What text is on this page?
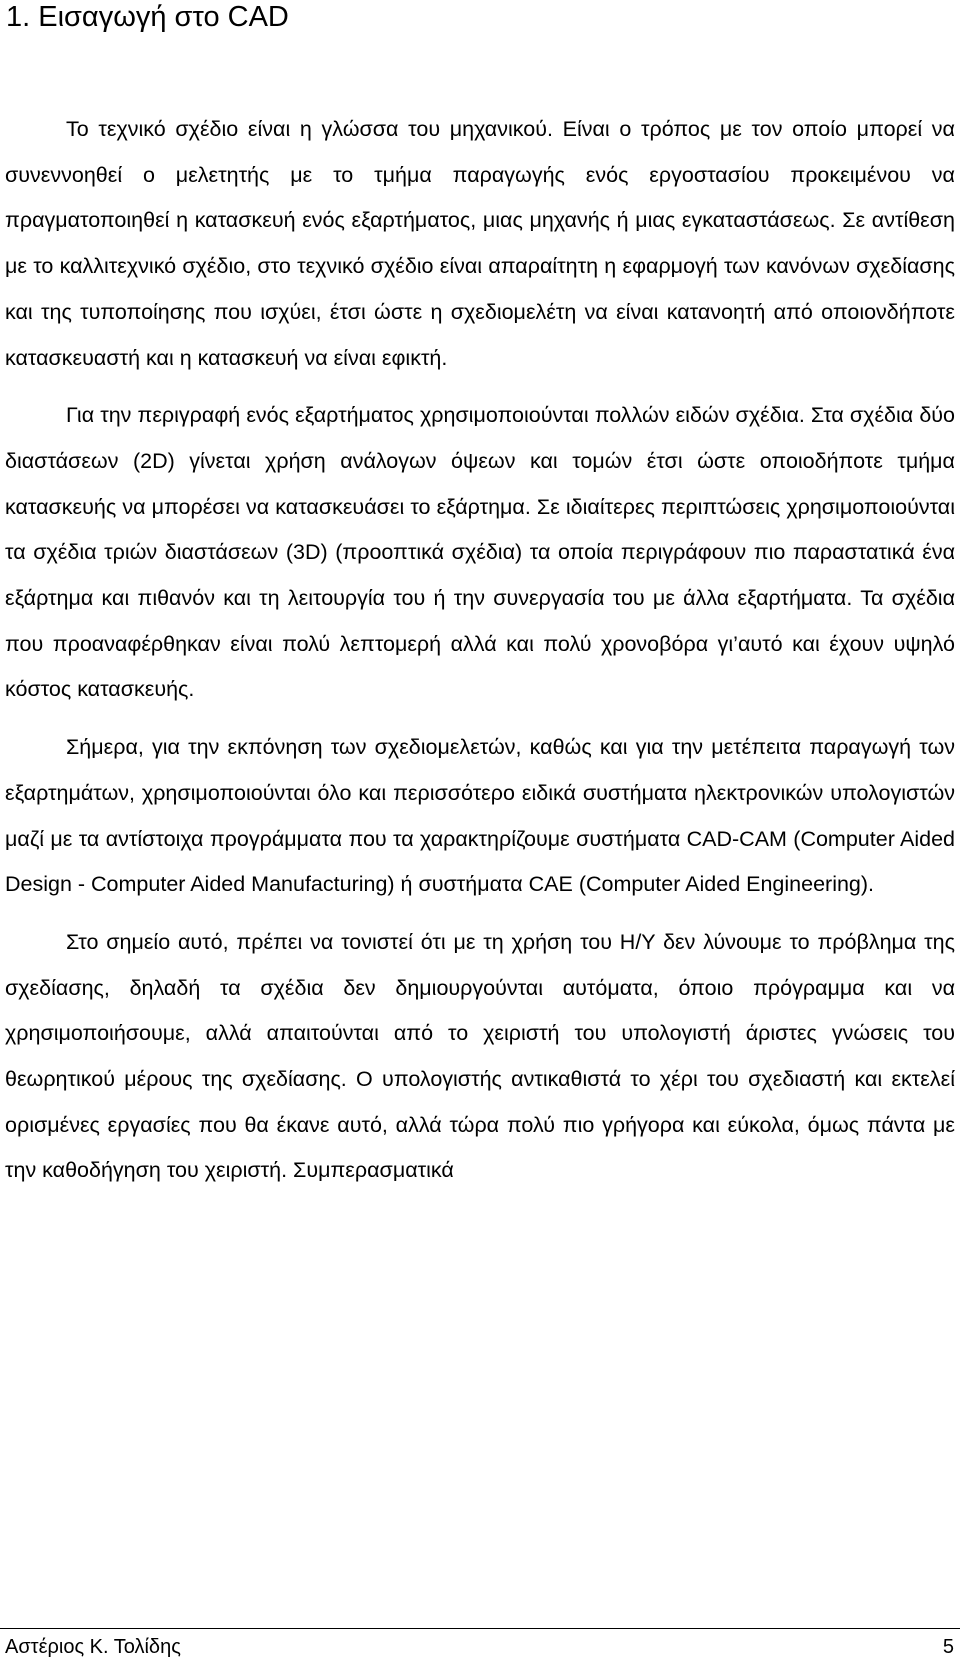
1. Εισαγωγή στο CAD

Το τεχνικό σχέδιο είναι η γλώσσα του μηχανικού. Είναι ο τρόπος με τον οποίο μπορεί να συνεννοηθεί ο μελετητής με το τμήμα παραγωγής ενός εργοστασίου προκειμένου να πραγματοποιηθεί η κατασκευή ενός εξαρτήματος, μιας μηχανής ή μιας εγκαταστάσεως. Σε αντίθεση με το καλλιτεχνικό σχέδιο, στο τεχνικό σχέδιο είναι απαραίτητη η εφαρμογή των κανόνων σχεδίασης και της τυποποίησης που ισχύει, έτσι ώστε η σχεδιομελέτη να είναι κατανοητή από οποιονδήποτε κατασκευαστή και η κατασκευή να είναι εφικτή.

Για την περιγραφή ενός εξαρτήματος χρησιμοποιούνται πολλών ειδών σχέδια. Στα σχέδια δύο διαστάσεων (2D) γίνεται χρήση ανάλογων όψεων και τομών έτσι ώστε οποιοδήποτε τμήμα κατασκευής να μπορέσει να κατασκευάσει το εξάρτημα. Σε ιδιαίτερες περιπτώσεις χρησιμοποιούνται τα σχέδια τριών διαστάσεων (3D) (προοπτικά σχέδια) τα οποία περιγράφουν πιο παραστατικά ένα εξάρτημα και πιθανόν και τη λειτουργία του ή την συνεργασία του με άλλα εξαρτήματα. Τα σχέδια που προαναφέρθηκαν είναι πολύ λεπτομερή αλλά και πολύ χρονοβόρα γι’αυτό και έχουν υψηλό κόστος κατασκευής.

Σήμερα, για την εκπόνηση των σχεδιομελετών, καθώς και για την μετέπειτα παραγωγή των εξαρτημάτων, χρησιμοποιούνται όλο και περισσότερο ειδικά συστήματα ηλεκτρονικών υπολογιστών μαζί με τα αντίστοιχα προγράμματα που τα χαρακτηρίζουμε συστήματα CAD-CAM (Computer Aided Design - Computer Aided Manufacturing) ή συστήματα CAE (Computer Aided Engineering).

Στο σημείο αυτό, πρέπει να τονιστεί ότι με τη χρήση του Η/Υ δεν λύνουμε το πρόβλημα της σχεδίασης, δηλαδή τα σχέδια δεν δημιουργούνται αυτόματα, όποιο πρόγραμμα και να χρησιμοποιήσουμε, αλλά απαιτούνται από το χειριστή του υπολογιστή άριστες γνώσεις του θεωρητικού μέρους της σχεδίασης. Ο υπολογιστής αντικαθιστά το χέρι του σχεδιαστή και εκτελεί ορισμένες εργασίες που θα έκανε αυτό, αλλά τώρα πολύ πιο γρήγορα και εύκολα, όμως πάντα με την καθοδήγηση του χειριστή. Συμπερασματικά

Αστέριος Κ. Τολίδης	5
